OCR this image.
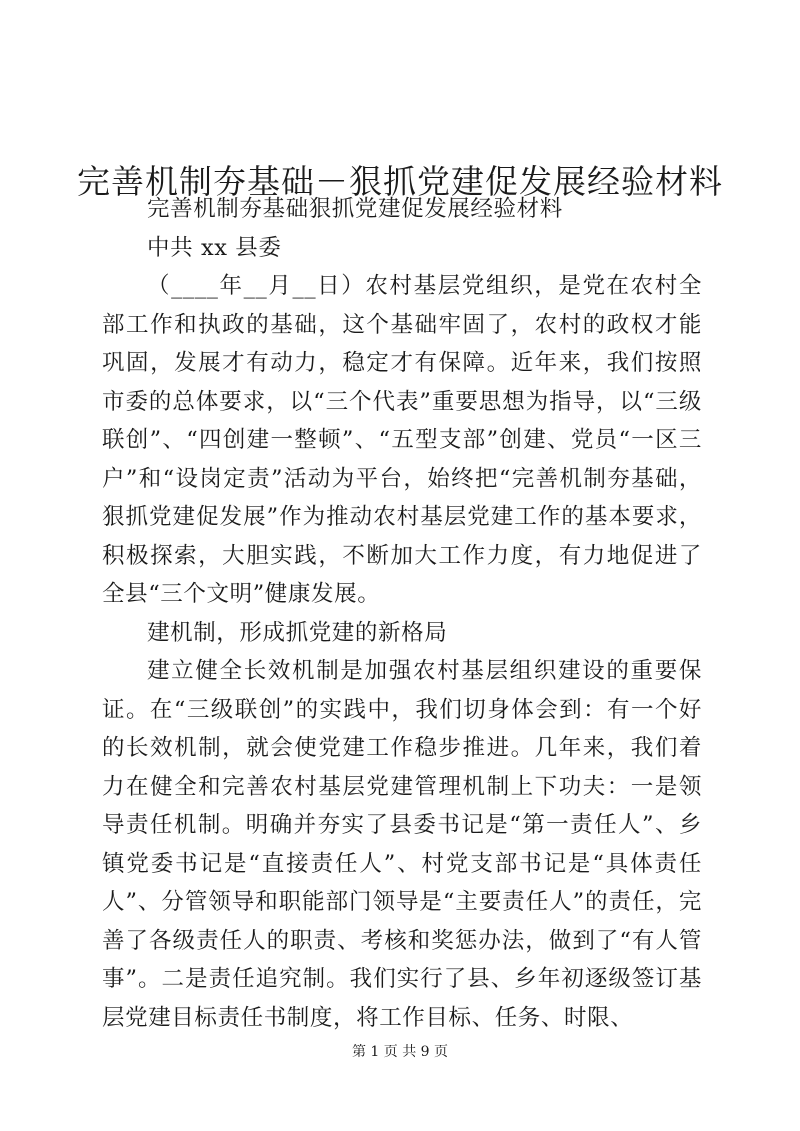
完善机制夯基础－狠抓党建促发展经验材料

完善机制夯基础狠抓党建促发展经验材料

中共 xx 县委

（____年__月__日）农村基层党组织，是党在农村全部工作和执政的基础，这个基础牢固了，农村的政权才能巩固，发展才有动力，稳定才有保障。近年来，我们按照市委的总体要求，以“三个代表”重要思想为指导，以“三级联创”、“四创建一整顿”、“五型支部”创建、党员“一区三户”和“设岗定责”活动为平台，始终把“完善机制夯基础，狠抓党建促发展”作为推动农村基层党建工作的基本要求，积极探索，大胆实践，不断加大工作力度，有力地促进了全县“三个文明”健康发展。

建机制，形成抓党建的新格局

建立健全长效机制是加强农村基层组织建设的重要保证。在“三级联创”的实践中，我们切身体会到：有一个好的长效机制，就会使党建工作稳步推进。几年来，我们着力在健全和完善农村基层党建管理机制上下功夫：一是领导责任机制。明确并夯实了县委书记是“第一责任人”、乡镇党委书记是“直接责任人”、村党支部书记是“具体责任人”、分管领导和职能部门领导是“主要责任人”的责任，完善了各级责任人的职责、考核和奖惩办法，做到了“有人管事”。二是责任追究制。我们实行了县、乡年初逐级签订基层党建目标责任书制度，将工作目标、任务、时限、

第 1 页 共 9 页
